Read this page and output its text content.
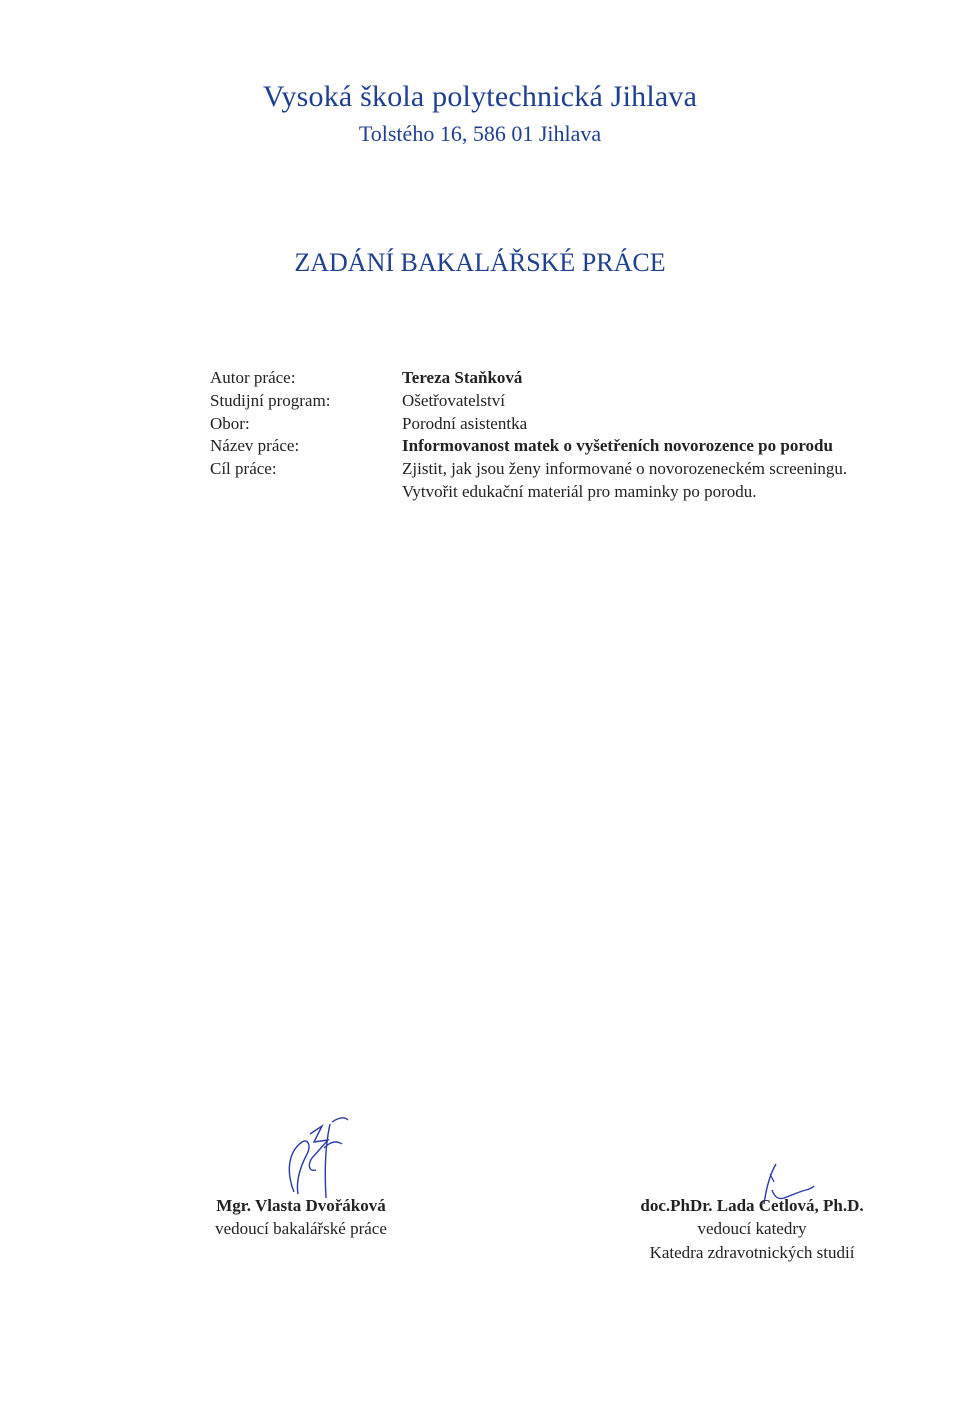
Vysoká škola polytechnická Jihlava
Tolstého 16, 586 01 Jihlava
ZADÁNÍ BAKALÁŘSKÉ PRÁCE
Autor práce:
Studijní program:
Obor:
Název práce:
Cíl práce:
Tereza Staňková
Ošetřovatelství
Porodní asistentka
Informovanost matek o vyšetřeních novorozence po porodu
Zjistit, jak jsou ženy informované o novorozeneckém screeningu.
Vytvořit edukační materiál pro maminky po porodu.
Mgr. Vlasta Dvořáková
vedoucí bakalářské práce
doc.PhDr. Lada Cetlová, Ph.D.
vedoucí katedry
Katedra zdravotnických studií
